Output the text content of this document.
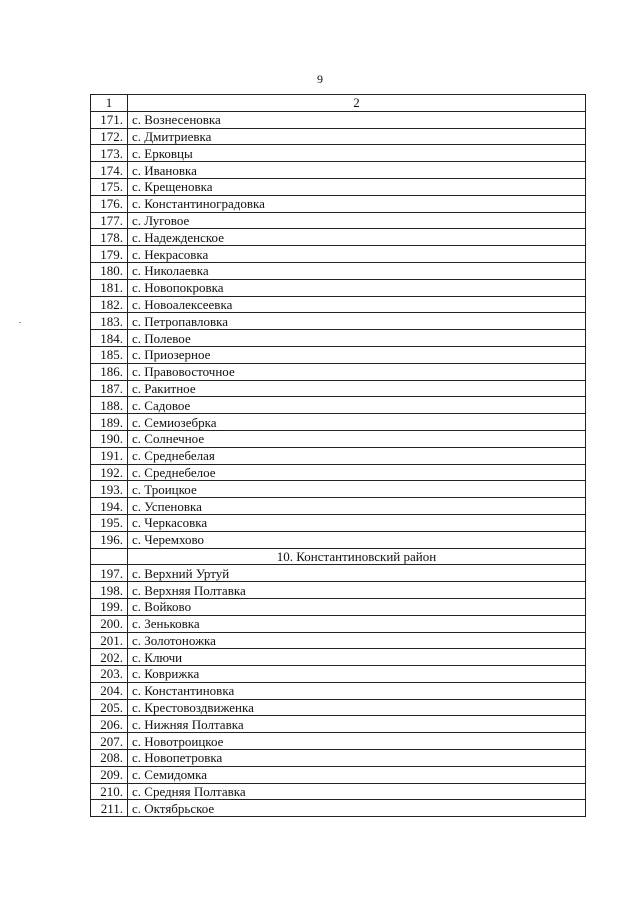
9
1	2
171.	с. Вознесеновка
172.	с. Дмитриевка
173.	с. Ерковцы
174.	с. Ивановка
175.	с. Крещеновка
176.	с. Константиноградовка
177.	с. Луговое
178.	с. Надежденское
179.	с. Некрасовка
180.	с. Николаевка
181.	с. Новопокровка
182.	с. Новоалексеевка
183.	с. Петропавловка
184.	с. Полевое
185.	с. Приозерное
186.	с. Правовосточное
187.	с. Ракитное
188.	с. Садовое
189.	с. Семиозебрка
190.	с. Солнечное
191.	с. Среднебелая
192.	с. Среднебелое
193.	с. Троицкое
194.	с. Успеновка
195.	с. Черкасовка
196.	с. Черемхово
	10. Константиновский район
197.	с. Верхний Уртуй
198.	с. Верхняя Полтавка
199.	с. Войково
200.	с. Зеньковка
201.	с. Золотоножка
202.	с. Ключи
203.	с. Коврижка
204.	с. Константиновка
205.	с. Крестовоздвиженка
206.	с. Нижняя Полтавка
207.	с. Новотроицкое
208.	с. Новопетровка
209.	с. Семидомка
210.	с. Средняя Полтавка
211.	с. Октябрьское
